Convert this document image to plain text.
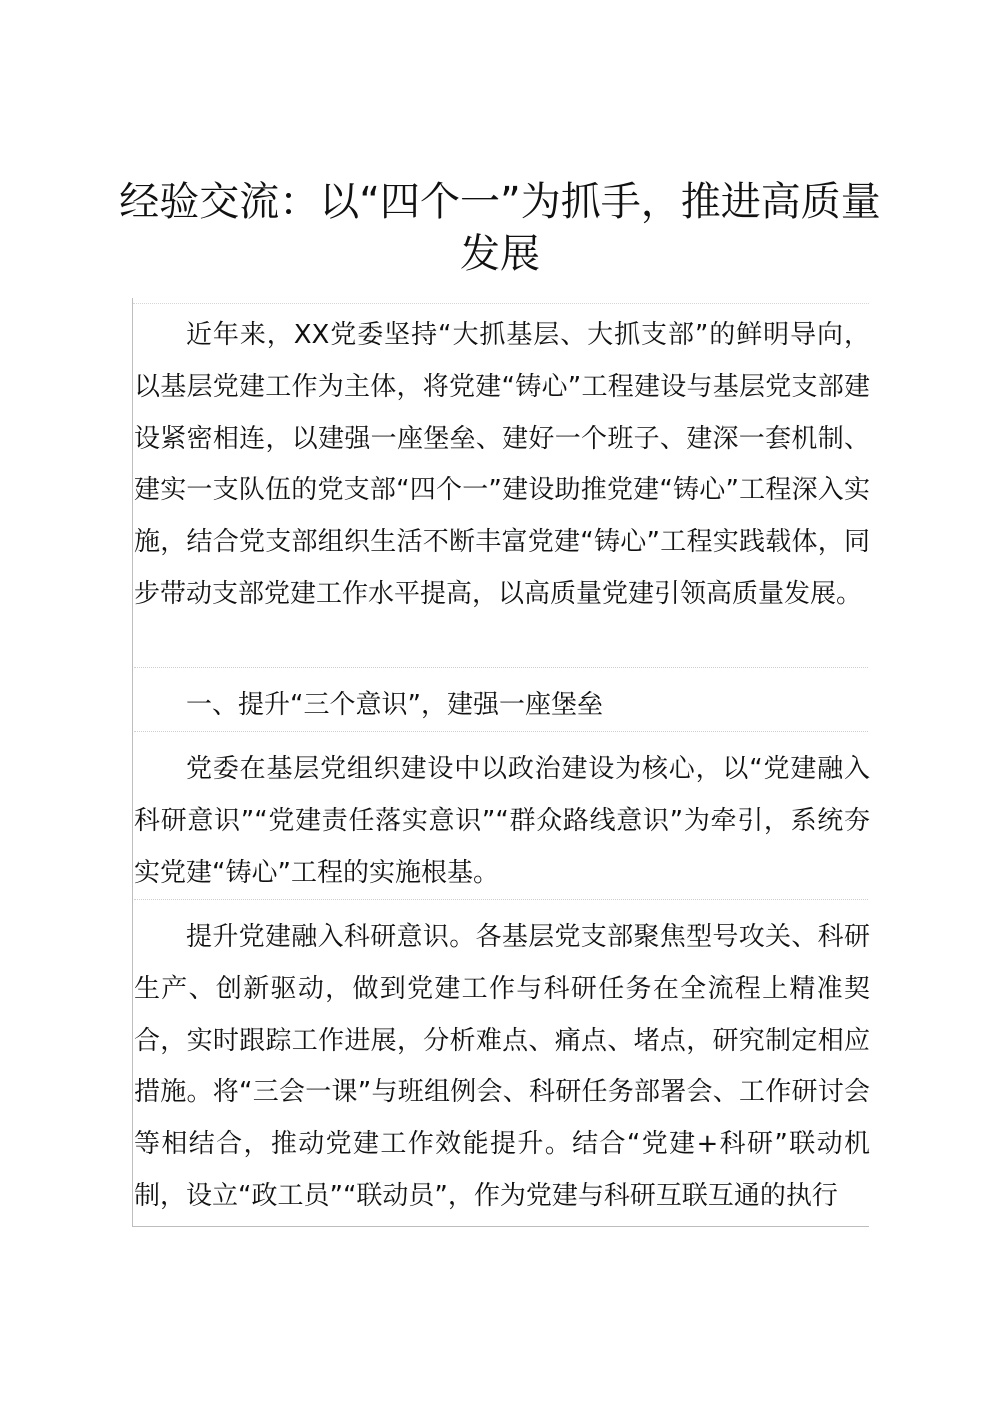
经验交流：以“四个一”为抓手，推进高质量
发展

近年来，XX党委坚持“大抓基层、大抓支部”的鲜明导向，以基层党建工作为主体，将党建“铸心”工程建设与基层党支部建设紧密相连，以建强一座堡垒、建好一个班子、建深一套机制、建实一支队伍的党支部“四个一”建设助推党建“铸心”工程深入实施，结合党支部组织生活不断丰富党建“铸心”工程实践载体，同步带动支部党建工作水平提高，以高质量党建引领高质量发展。

一、提升“三个意识”，建强一座堡垒

党委在基层党组织建设中以政治建设为核心，以“党建融入科研意识”“党建责任落实意识”“群众路线意识”为牵引，系统夯实党建“铸心”工程的实施根基。

提升党建融入科研意识。各基层党支部聚焦型号攻关、科研生产、创新驱动，做到党建工作与科研任务在全流程上精准契合，实时跟踪工作进展，分析难点、痛点、堵点，研究制定相应措施。将“三会一课”与班组例会、科研任务部署会、工作研讨会等相结合，推动党建工作效能提升。结合“党建+科研”联动机制，设立“政工员”“联动员”，作为党建与科研互联互通的执行
